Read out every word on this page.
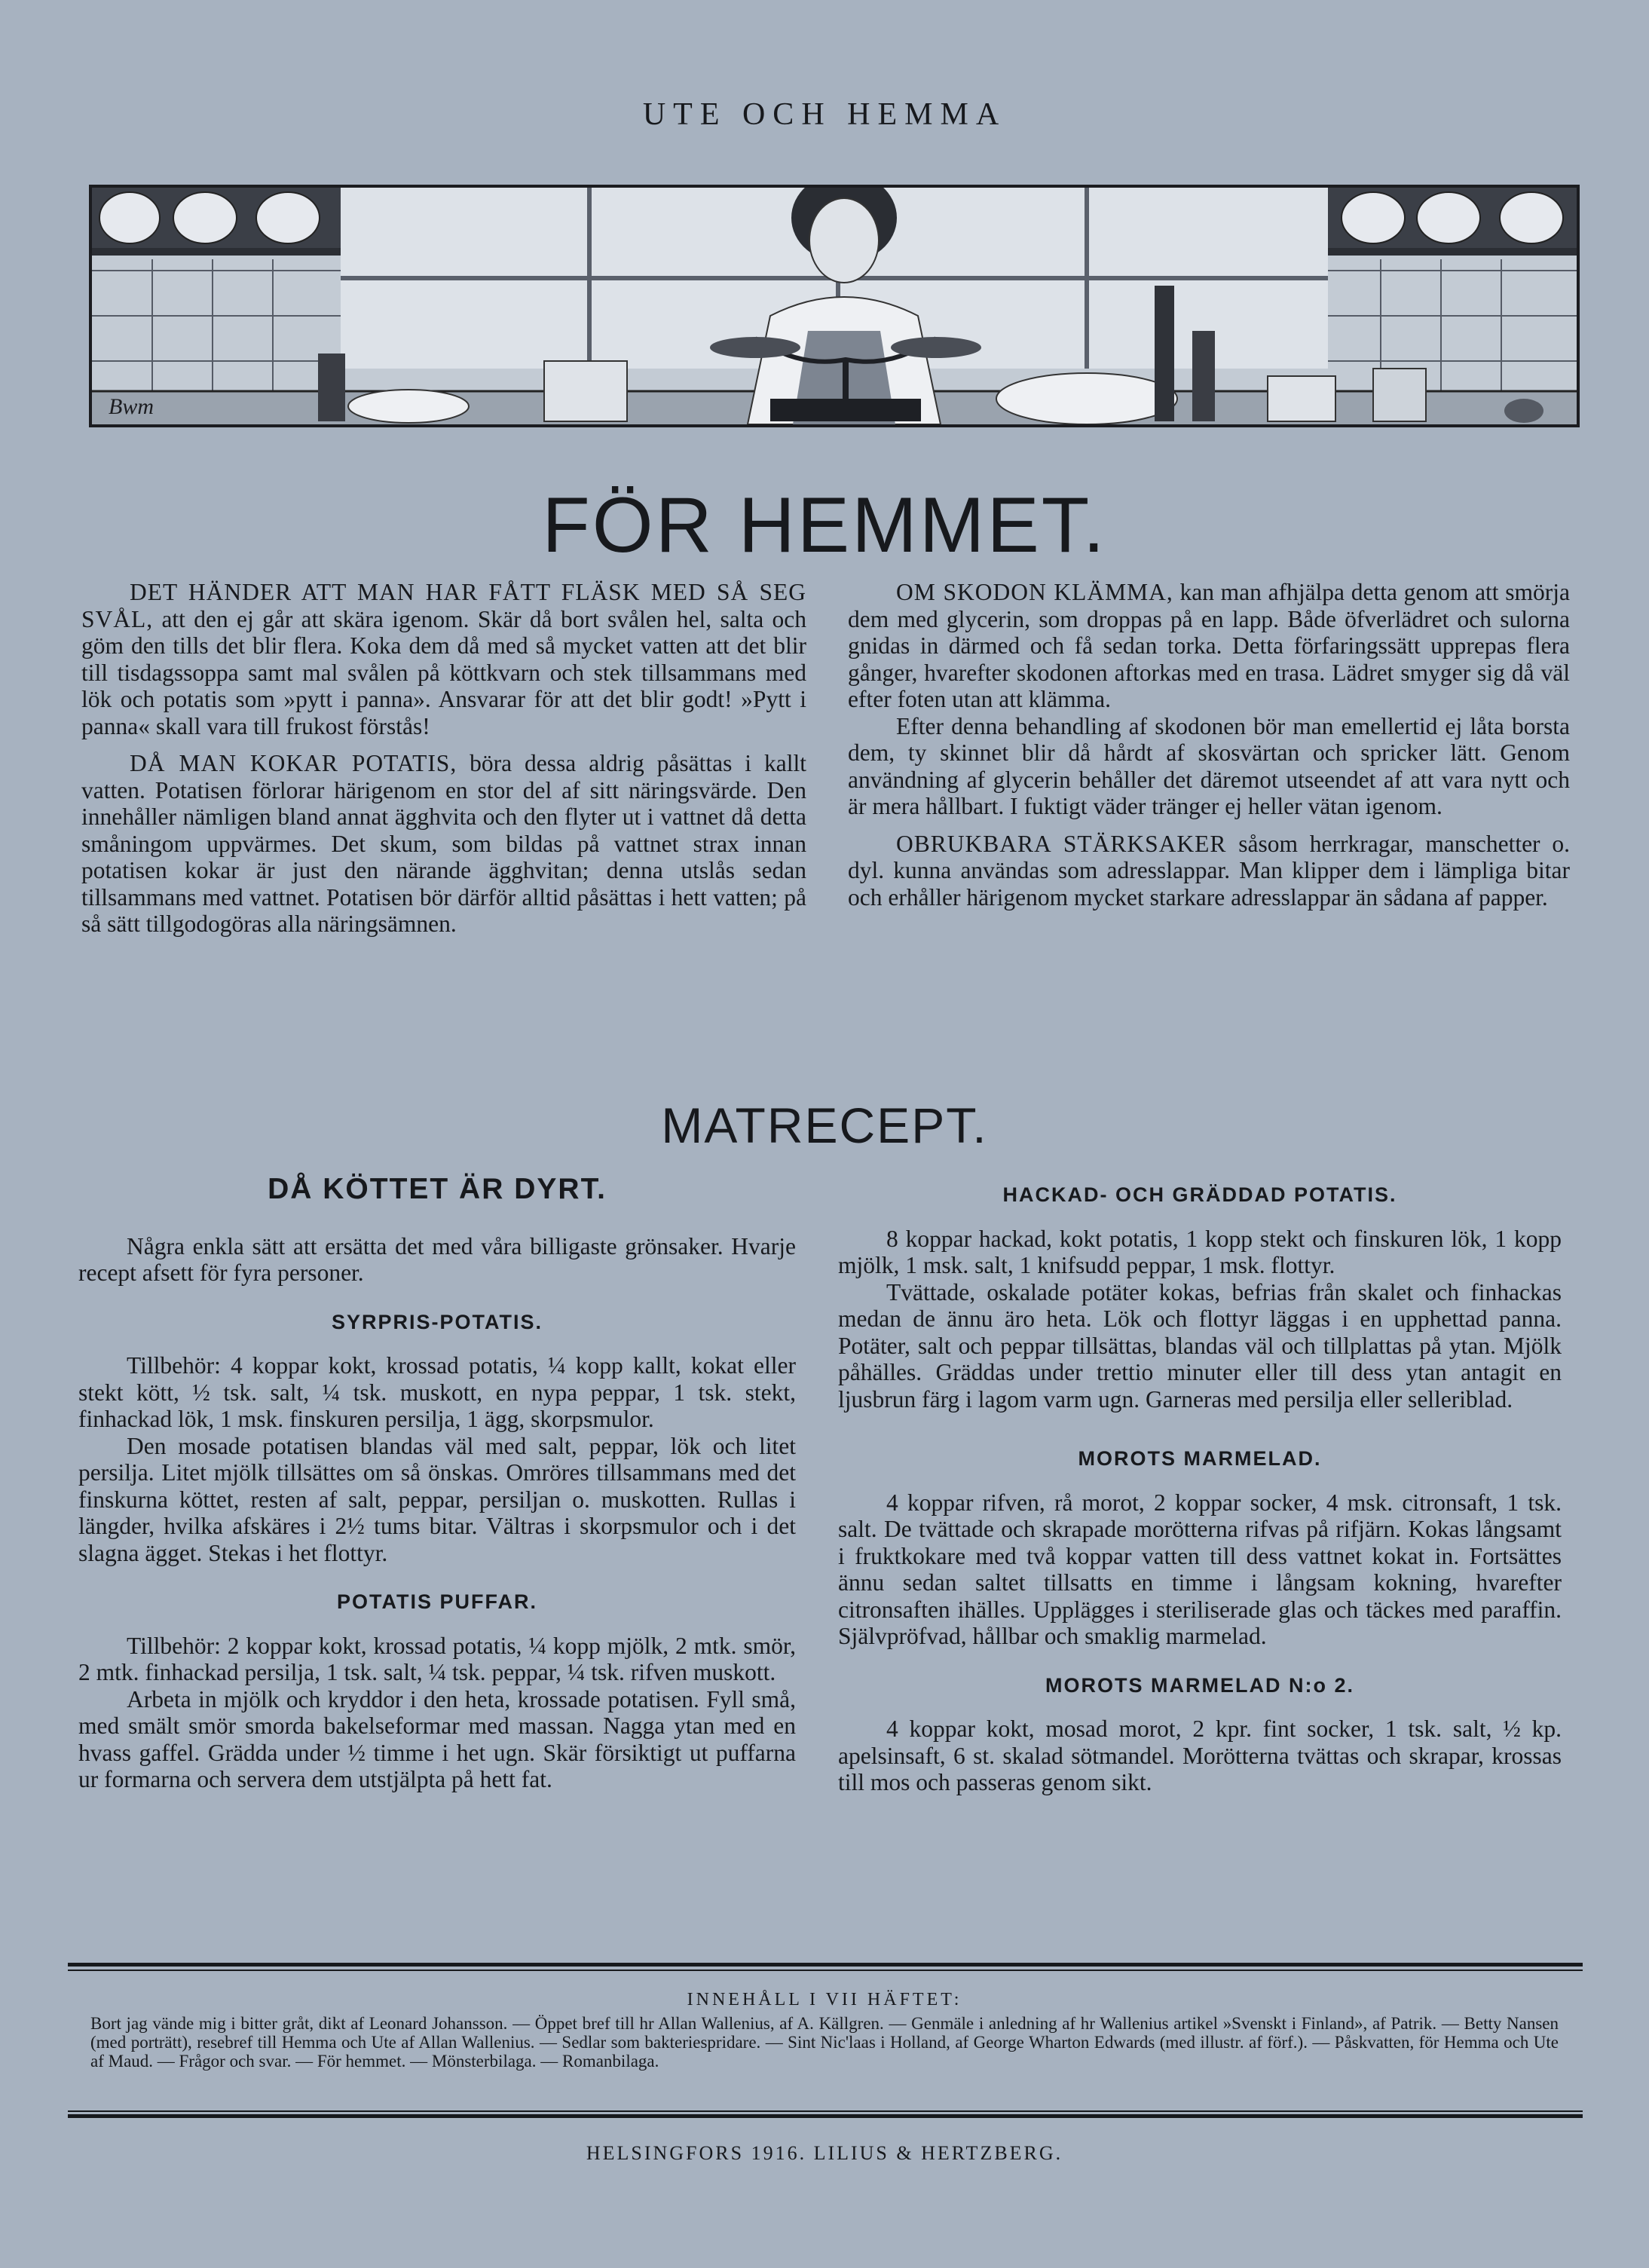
UTE OCH HEMMA
Bwm
FÖR HEMMET.

DET HÄNDER ATT MAN HAR FÅTT FLÄSK MED SÅ SEG SVÅL, att den ej går att skära igenom. Skär då bort svålen hel, salta och göm den tills det blir flera. Koka dem då med så mycket vatten att det blir till tisdagssoppa samt mal svålen på köttkvarn och stek tillsammans med lök och potatis som »pytt i panna». Ansvarar för att det blir godt! »Pytt i panna« skall vara till frukost förstås!

DÅ MAN KOKAR POTATIS, böra dessa aldrig påsättas i kallt vatten. Potatisen förlorar härigenom en stor del af sitt näringsvärde. Den innehåller nämligen bland annat ägghvita och den flyter ut i vattnet då detta småningom uppvärmes. Det skum, som bildas på vattnet strax innan potatisen kokar är just den närande ägghvitan; denna utslås sedan tillsammans med vattnet. Potatisen bör därför alltid påsättas i hett vatten; på så sätt tillgodogöras alla näringsämnen.

OM SKODON KLÄMMA, kan man afhjälpa detta genom att smörja dem med glycerin, som droppas på en lapp. Både öfverlädret och sulorna gnidas in därmed och få sedan torka. Detta förfaringssätt upprepas flera gånger, hvarefter skodonen aftorkas med en trasa. Lädret smyger sig då väl efter foten utan att klämma.

Efter denna behandling af skodonen bör man emellertid ej låta borsta dem, ty skinnet blir då hårdt af skosvärtan och spricker lätt. Genom användning af glycerin behåller det däremot utseendet af att vara nytt och är mera hållbart. I fuktigt väder tränger ej heller vätan igenom.

OBRUKBARA STÄRKSAKER såsom herrkragar, manschetter o. dyl. kunna användas som adresslappar. Man klipper dem i lämpliga bitar och erhåller härigenom mycket starkare adresslappar än sådana af papper.

MATRECEPT.
DÅ KÖTTET ÄR DYRT.

Några enkla sätt att ersätta det med våra billigaste grönsaker. Hvarje recept afsett för fyra personer.

SYRPRIS-POTATIS.

Tillbehör: 4 koppar kokt, krossad potatis, ¼ kopp kallt, kokat eller stekt kött, ½ tsk. salt, ¼ tsk. muskott, en nypa peppar, 1 tsk. stekt, finhackad lök, 1 msk. finskuren persilja, 1 ägg, skorpsmulor.

Den mosade potatisen blandas väl med salt, peppar, lök och litet persilja. Litet mjölk tillsättes om så önskas. Omröres tillsammans med det finskurna köttet, resten af salt, peppar, persiljan o. muskotten. Rullas i längder, hvilka afskäres i 2½ tums bitar. Vältras i skorpsmulor och i det slagna ägget. Stekas i het flottyr.

POTATIS PUFFAR.

Tillbehör: 2 koppar kokt, krossad potatis, ¼ kopp mjölk, 2 mtk. smör, 2 mtk. finhackad persilja, 1 tsk. salt, ¼ tsk. peppar, ¼ tsk. rifven muskott.

Arbeta in mjölk och kryddor i den heta, krossade potatisen. Fyll små, med smält smör smorda bakelseformar med massan. Nagga ytan med en hvass gaffel. Grädda under ½ timme i het ugn. Skär försiktigt ut puffarna ur formarna och servera dem utstjälpta på hett fat.

HACKAD- OCH GRÄDDAD POTATIS.

8 koppar hackad, kokt potatis, 1 kopp stekt och finskuren lök, 1 kopp mjölk, 1 msk. salt, 1 knifsudd peppar, 1 msk. flottyr.

Tvättade, oskalade potäter kokas, befrias från skalet och finhackas medan de ännu äro heta. Lök och flottyr läggas i en upphettad panna. Potäter, salt och peppar tillsättas, blandas väl och tillplattas på ytan. Mjölk påhälles. Gräddas under trettio minuter eller till dess ytan antagit en ljusbrun färg i lagom varm ugn. Garneras med persilja eller selleriblad.

MOROTS MARMELAD.

4 koppar rifven, rå morot, 2 koppar socker, 4 msk. citronsaft, 1 tsk. salt. De tvättade och skrapade morötterna rifvas på rifjärn. Kokas långsamt i fruktkokare med två koppar vatten till dess vattnet kokat in. Fortsättes ännu sedan saltet tillsatts en timme i långsam kokning, hvarefter citronsaften ihälles. Upplägges i steriliserade glas och täckes med paraffin. Självpröfvad, hållbar och smaklig marmelad.

MOROTS MARMELAD N:o 2.

4 koppar kokt, mosad morot, 2 kpr. fint socker, 1 tsk. salt, ½ kp. apelsinsaft, 6 st. skalad sötmandel. Morötterna tvättas och skrapar, krossas till mos och passeras genom sikt.

INNEHÅLL I VII HÄFTET:
Bort jag vände mig i bitter gråt, dikt af Leonard Johansson. — Öppet bref till hr Allan Wallenius, af A. Källgren. — Genmäle i anledning af hr Wallenius artikel »Svenskt i Finland», af Patrik. — Betty Nansen (med porträtt), resebref till Hemma och Ute af Allan Wallenius. — Sedlar som bakteriespridare. — Sint Nic'laas i Holland, af George Wharton Edwards (med illustr. af förf.). — Påskvatten, för Hemma och Ute af Maud. — Frågor och svar. — För hemmet. — Mönsterbilaga. — Romanbilaga.
HELSINGFORS 1916. LILIUS & HERTZBERG.
